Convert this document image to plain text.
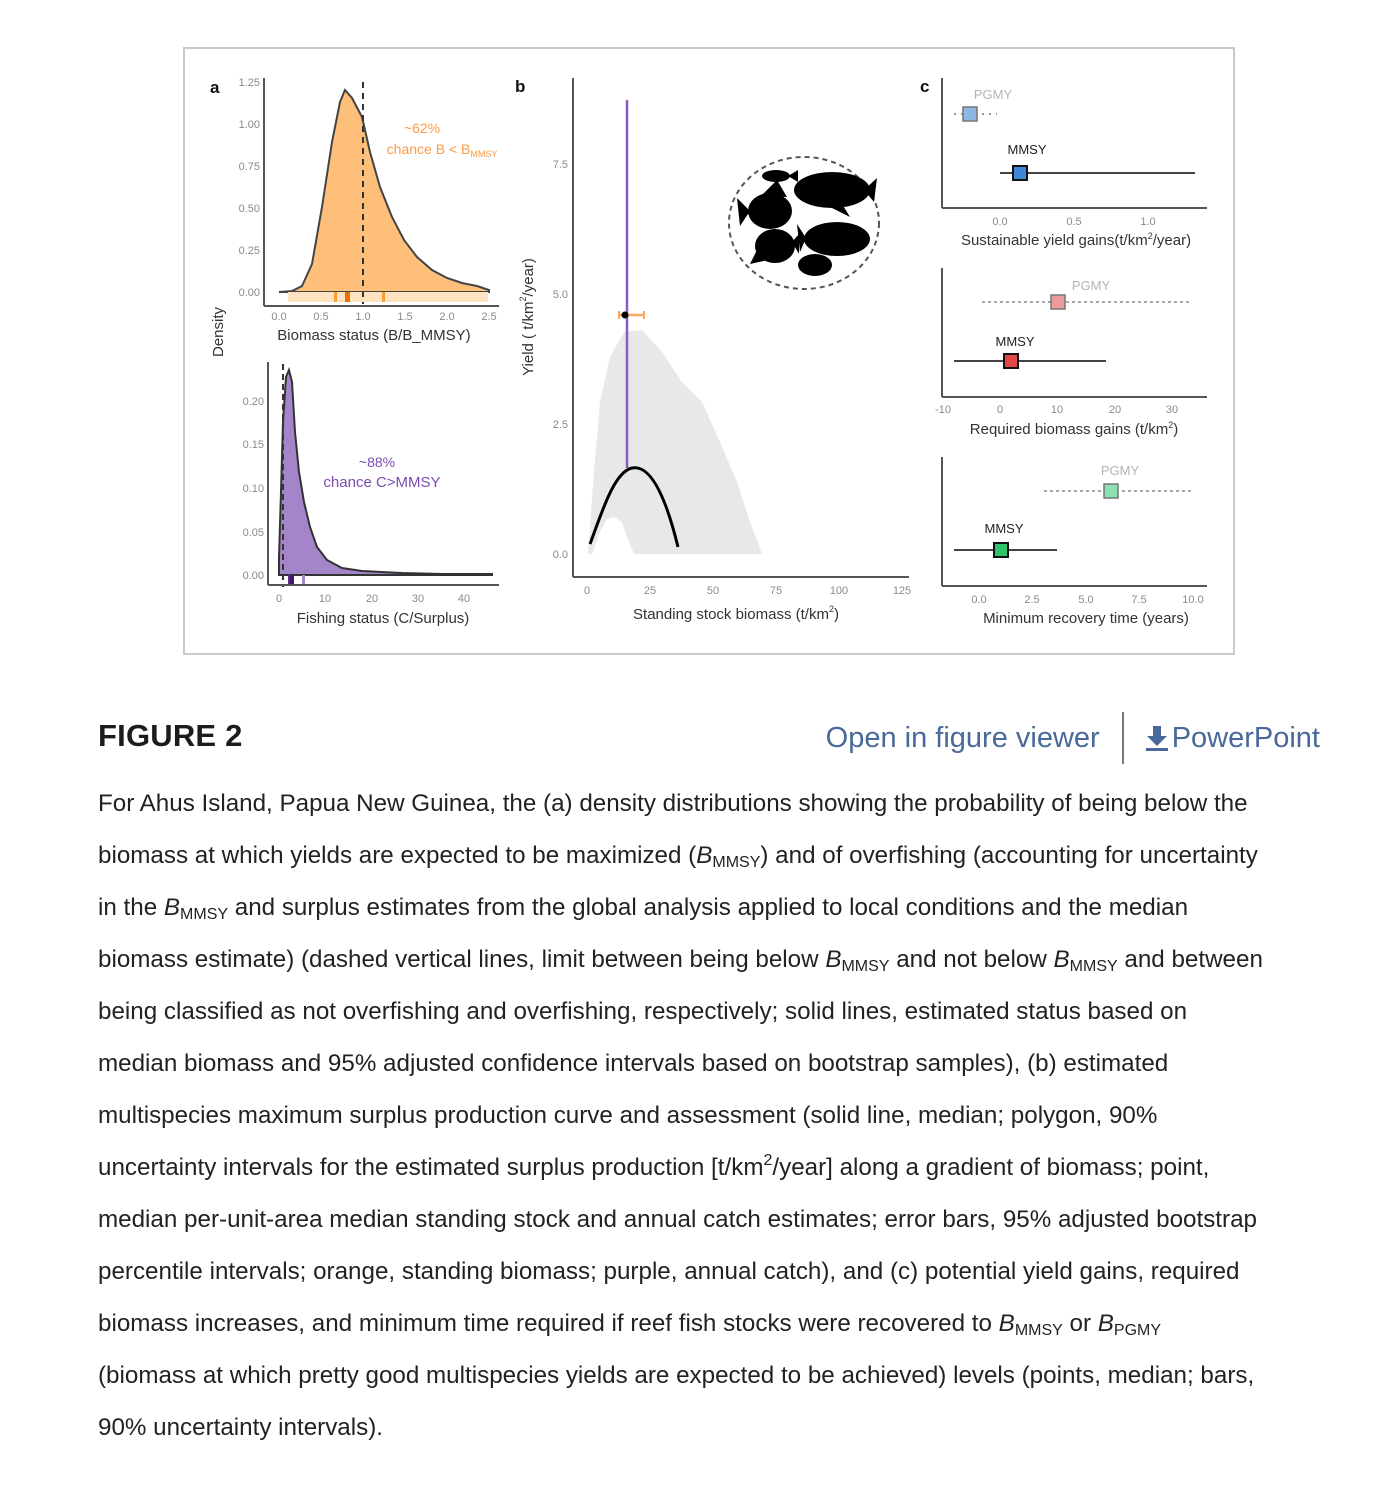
a 1.25
1.00
0.75
0.50
0.25
0.00
0.0 0.5 1.0 1.5 2.0 2.5
Biomass status (B/B_MMSY)
~62%
chance $B < B_{MMSY}$
Density
0.20
0.15
0.10
0.05
0.00
0	10	20	30	40
Fishing status (C/Surplus)
~88%
chance C>MMSY
b
7.5
5.0
2.5
0.0
0	25	50	75	100	125
Standing stock biomass $(t/km^2)$
Yield ( $t/km^2/year$)
c	PGMY
MMSY
0.0	0.5	1.0
Sustainable yield $gains(t/km^2/year)$
PGMY
MMSY
-10	0	10	20	30
Required biomass gains $(t/km^2)$
PGMY
MMSY
0.0	2.5	5.0	7.5	10.0
Minimum recovery time (years)
FIGURE 2	Open in figure viewer PowerPoint
For Ahus Island, Papua New Guinea, the (a) density distributions showing the probability of being below the
biomass at which yields are expected to be maximized $(B_{MMSY})$ and of overfishing (accounting for uncertainty
in the $B_{MMSY}$ and surplus estimates from the global analysis applied to local conditions and the median
biomass estimate) (dashed vertical lines, limit between being below $B_{MMSY}$ and not below $B_{MMSY}$ and between
being classified as not overfishing and overfishing, respectively; solid lines, estimated status based on
median biomass and 95% adjusted confidence intervals based on bootstrap samples), (b) estimated
multispecies maximum surplus production curve and assessment (solid line, median; polygon, 90%
uncertainty intervals for the estimated surplus production $[t/km^2/year]$ along a gradient of biomass; point,
median per-unit-area median standing stock and annual catch estimates; error bars, 95% adjusted bootstrap
percentile intervals; orange, standing biomass; purple, annual catch), and (c) potential yield gains, required
biomass increases, and minimum time required if reef fish stocks were recovered to $B_{MMSY}$ or $B_{PGMY}$
(biomass at which pretty good multispecies yields are expected to be achieved) levels (points, median; bars,
90% uncertainty intervals).
